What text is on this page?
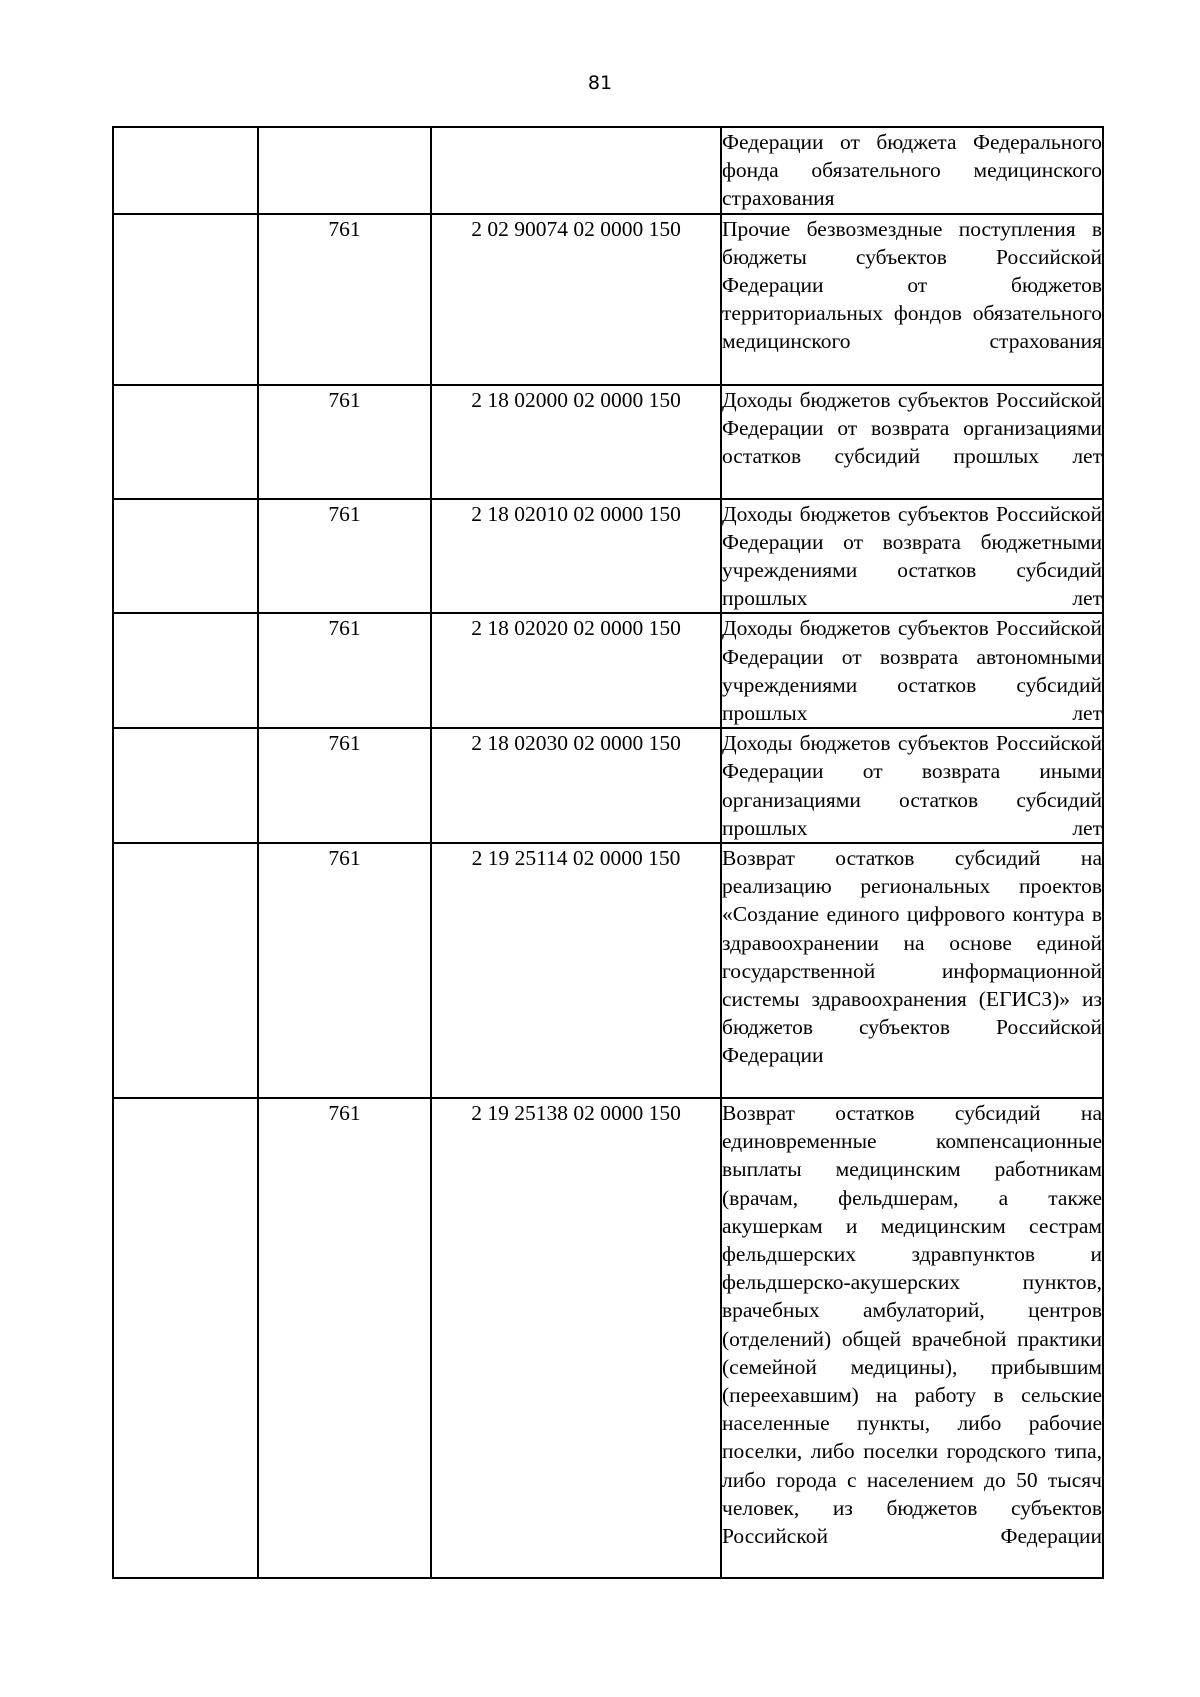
81

			Федерации от бюджета Федерального фонда обязательного медицинского страхования

	761	2 02 90074 02 0000 150	Прочие безвозмездные поступления в бюджеты субъектов Российской Федерации от бюджетов территориальных фондов обязательного медицинского страхования

	761	2 18 02000 02 0000 150	Доходы бюджетов субъектов Российской Федерации от возврата организациями остатков субсидий прошлых лет

	761	2 18 02010 02 0000 150	Доходы бюджетов субъектов Российской Федерации от возврата бюджетными учреждениями остатков субсидий прошлых лет

	761	2 18 02020 02 0000 150	Доходы бюджетов субъектов Российской Федерации от возврата автономными учреждениями остатков субсидий прошлых лет

	761	2 18 02030 02 0000 150	Доходы бюджетов субъектов Российской Федерации от возврата иными организациями остатков субсидий прошлых лет

	761	2 19 25114 02 0000 150	Возврат остатков субсидий на реализацию региональных проектов «Создание единого цифрового контура в здравоохранении на основе единой государственной информационной системы здравоохранения (ЕГИСЗ)» из бюджетов субъектов Российской Федерации

	761	2 19 25138 02 0000 150	Возврат остатков субсидий на единовременные компенсационные выплаты медицинским работникам (врачам, фельдшерам, а также акушеркам и медицинским сестрам фельдшерских здравпунктов и фельдшерско-акушерских пунктов, врачебных амбулаторий, центров (отделений) общей врачебной практики (семейной медицины), прибывшим (переехавшим) на работу в сельские населенные пункты, либо рабочие поселки, либо поселки городского типа, либо города с населением до 50 тысяч человек, из бюджетов субъектов Российской Федерации
